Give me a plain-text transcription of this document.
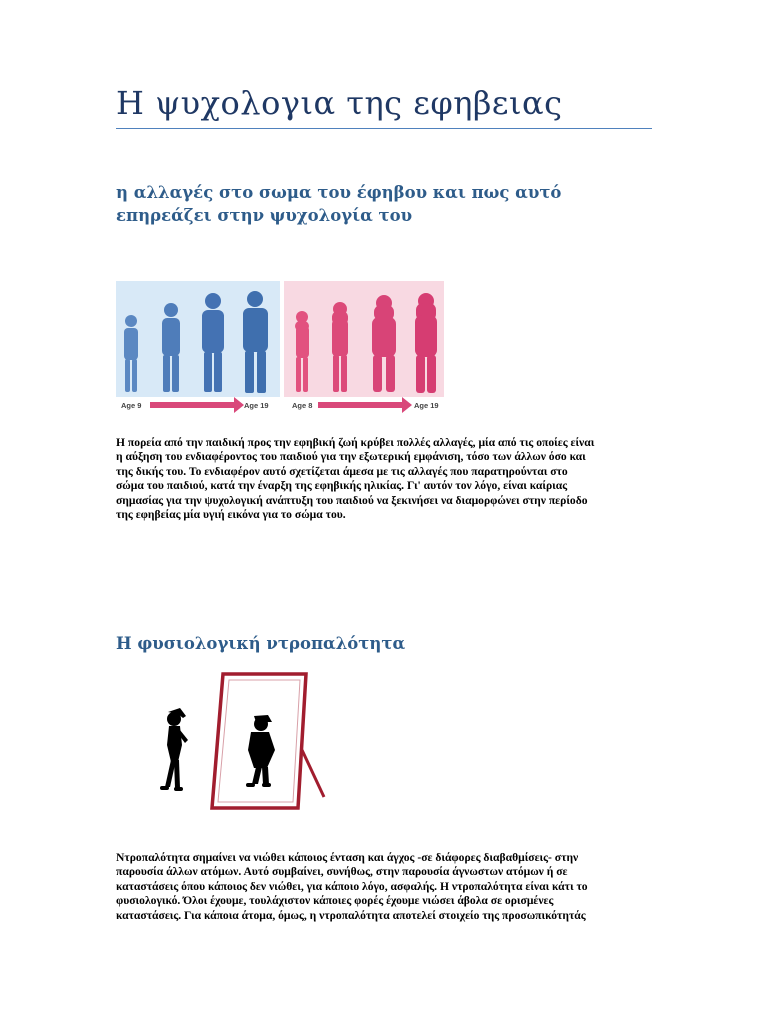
Η ψυχολογια της εφηβειας
η αλλαγές στο σωμα του έφηβου και πως αυτό
επηρεάζει στην ψυχολογία του
Age 9	Age 19	Age 8	Age 19
Η πορεία από την παιδική προς την εφηβική ζωή κρύβει πολλές αλλαγές, μία από τις οποίες είναι
η αύξηση του ενδιαφέροντος του παιδιού για την εξωτερική εμφάνιση, τόσο των άλλων όσο και
της δικής του. Το ενδιαφέρον αυτό σχετίζεται άμεσα με τις αλλαγές που παρατηρούνται στο
σώμα του παιδιού, κατά την έναρξη της εφηβικής ηλικίας. Γι' αυτόν τον λόγο, είναι καίριας
σημασίας για την ψυχολογική ανάπτυξη του παιδιού να ξεκινήσει να διαμορφώνει στην περίοδο
της εφηβείας μία υγιή εικόνα για το σώμα του.
Η φυσιολογική ντροπαλότητα
Ντροπαλότητα σημαίνει να νιώθει κάποιος ένταση και άγχος -σε διάφορες διαβαθμίσεις- στην
παρουσία άλλων ατόμων. Αυτό συμβαίνει, συνήθως, στην παρουσία άγνωστων ατόμων ή σε
καταστάσεις όπου κάποιος δεν νιώθει, για κάποιο λόγο, ασφαλής. Η ντροπαλότητα είναι κάτι το
φυσιολογικό. Όλοι έχουμε, τουλάχιστον κάποιες φορές έχουμε νιώσει άβολα σε ορισμένες
καταστάσεις. Για κάποια άτομα, όμως, η ντροπαλότητα αποτελεί στοιχείο της προσωπικότητάς
